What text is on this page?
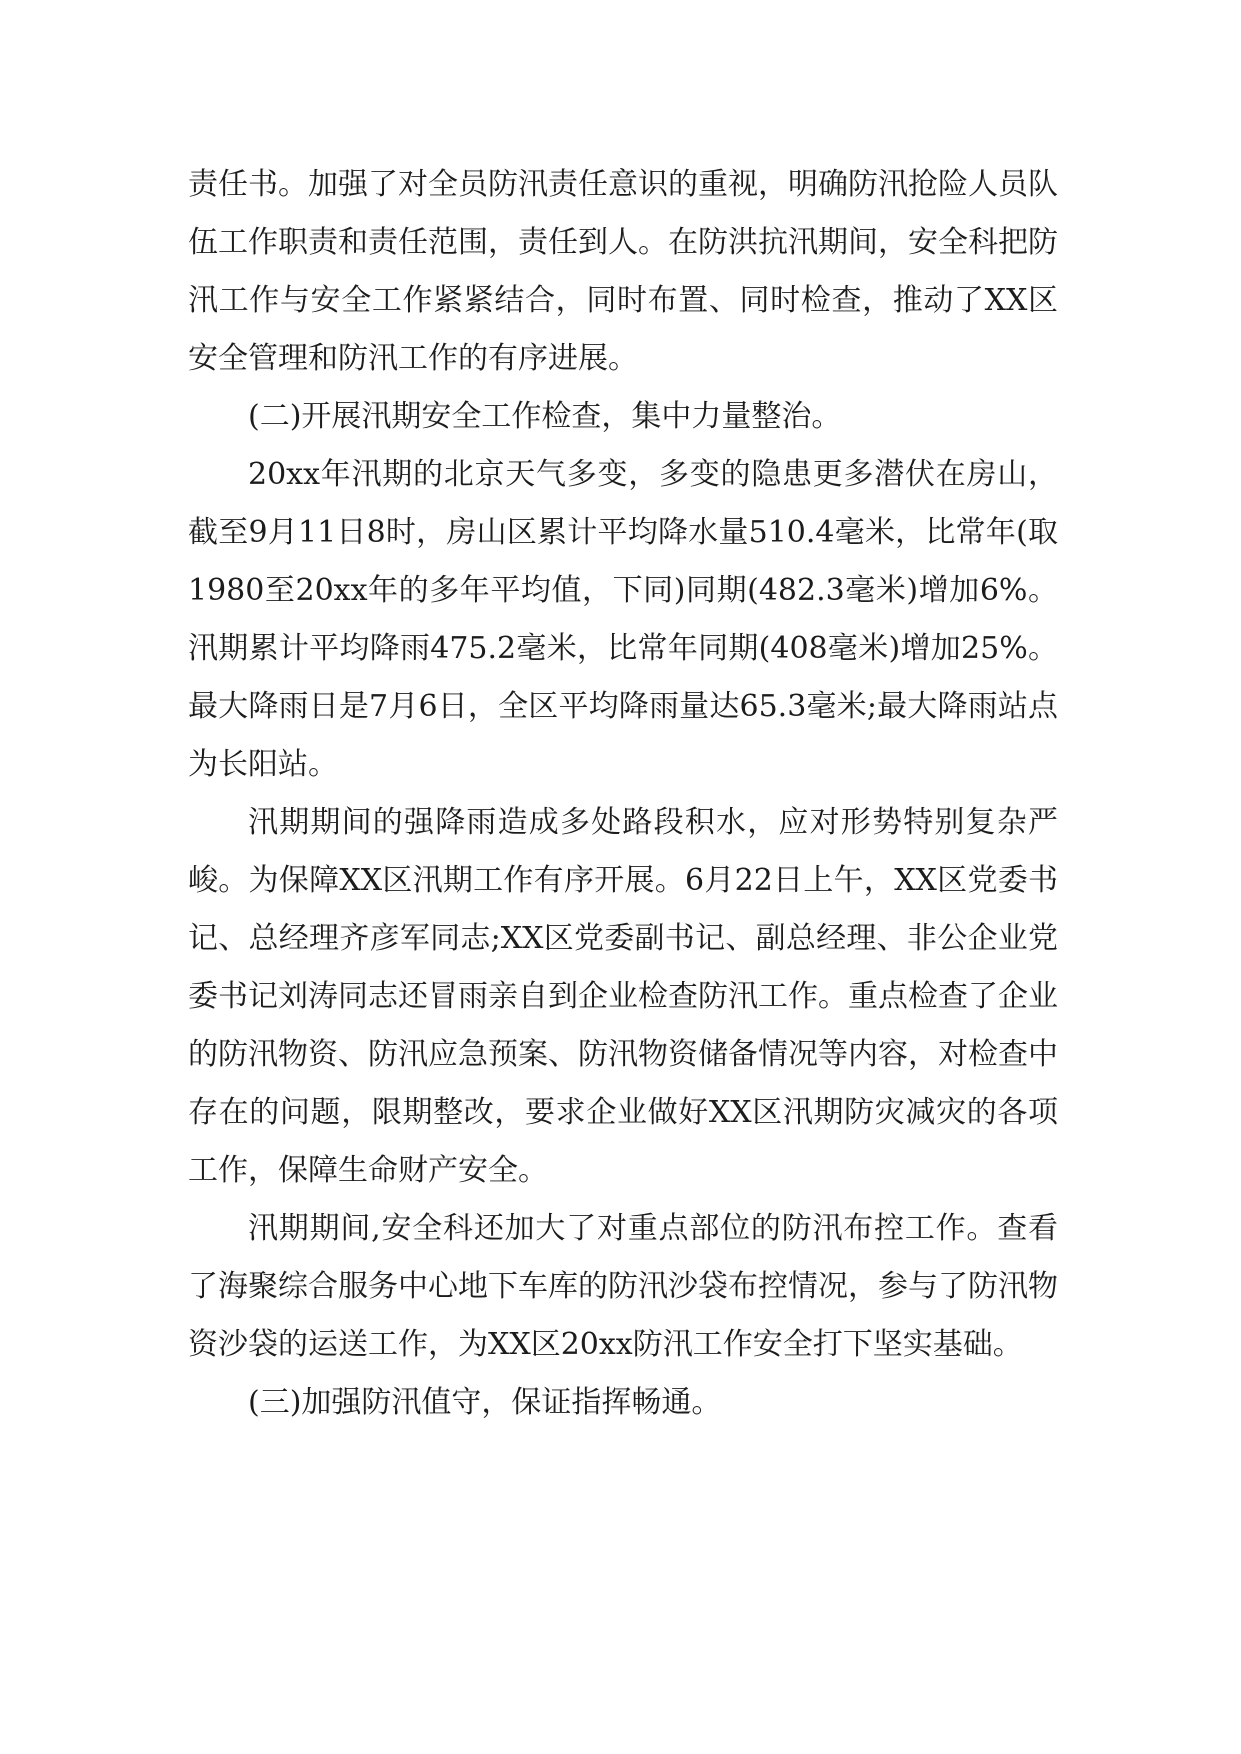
责任书。加强了对全员防汛责任意识的重视，明确防汛抢险人员队伍工作职责和责任范围，责任到人。在防洪抗汛期间，安全科把防汛工作与安全工作紧紧结合，同时布置、同时检查，推动了XX区安全管理和防汛工作的有序进展。

(二)开展汛期安全工作检查，集中力量整治。

20xx年汛期的北京天气多变，多变的隐患更多潜伏在房山，截至9月11日8时，房山区累计平均降水量510.4毫米，比常年(取1980至20xx年的多年平均值，下同)同期(482.3毫米)增加6%。汛期累计平均降雨475.2毫米，比常年同期(408毫米)增加25%。最大降雨日是7月6日，全区平均降雨量达65.3毫米;最大降雨站点为长阳站。

汛期期间的强降雨造成多处路段积水，应对形势特别复杂严峻。为保障XX区汛期工作有序开展。6月22日上午，XX区党委书记、总经理齐彦军同志;XX区党委副书记、副总经理、非公企业党委书记刘涛同志还冒雨亲自到企业检查防汛工作。重点检查了企业的防汛物资、防汛应急预案、防汛物资储备情况等内容，对检查中存在的问题，限期整改，要求企业做好XX区汛期防灾减灾的各项工作，保障生命财产安全。

汛期期间,安全科还加大了对重点部位的防汛布控工作。查看了海聚综合服务中心地下车库的防汛沙袋布控情况，参与了防汛物资沙袋的运送工作，为XX区20xx防汛工作安全打下坚实基础。

(三)加强防汛值守，保证指挥畅通。
